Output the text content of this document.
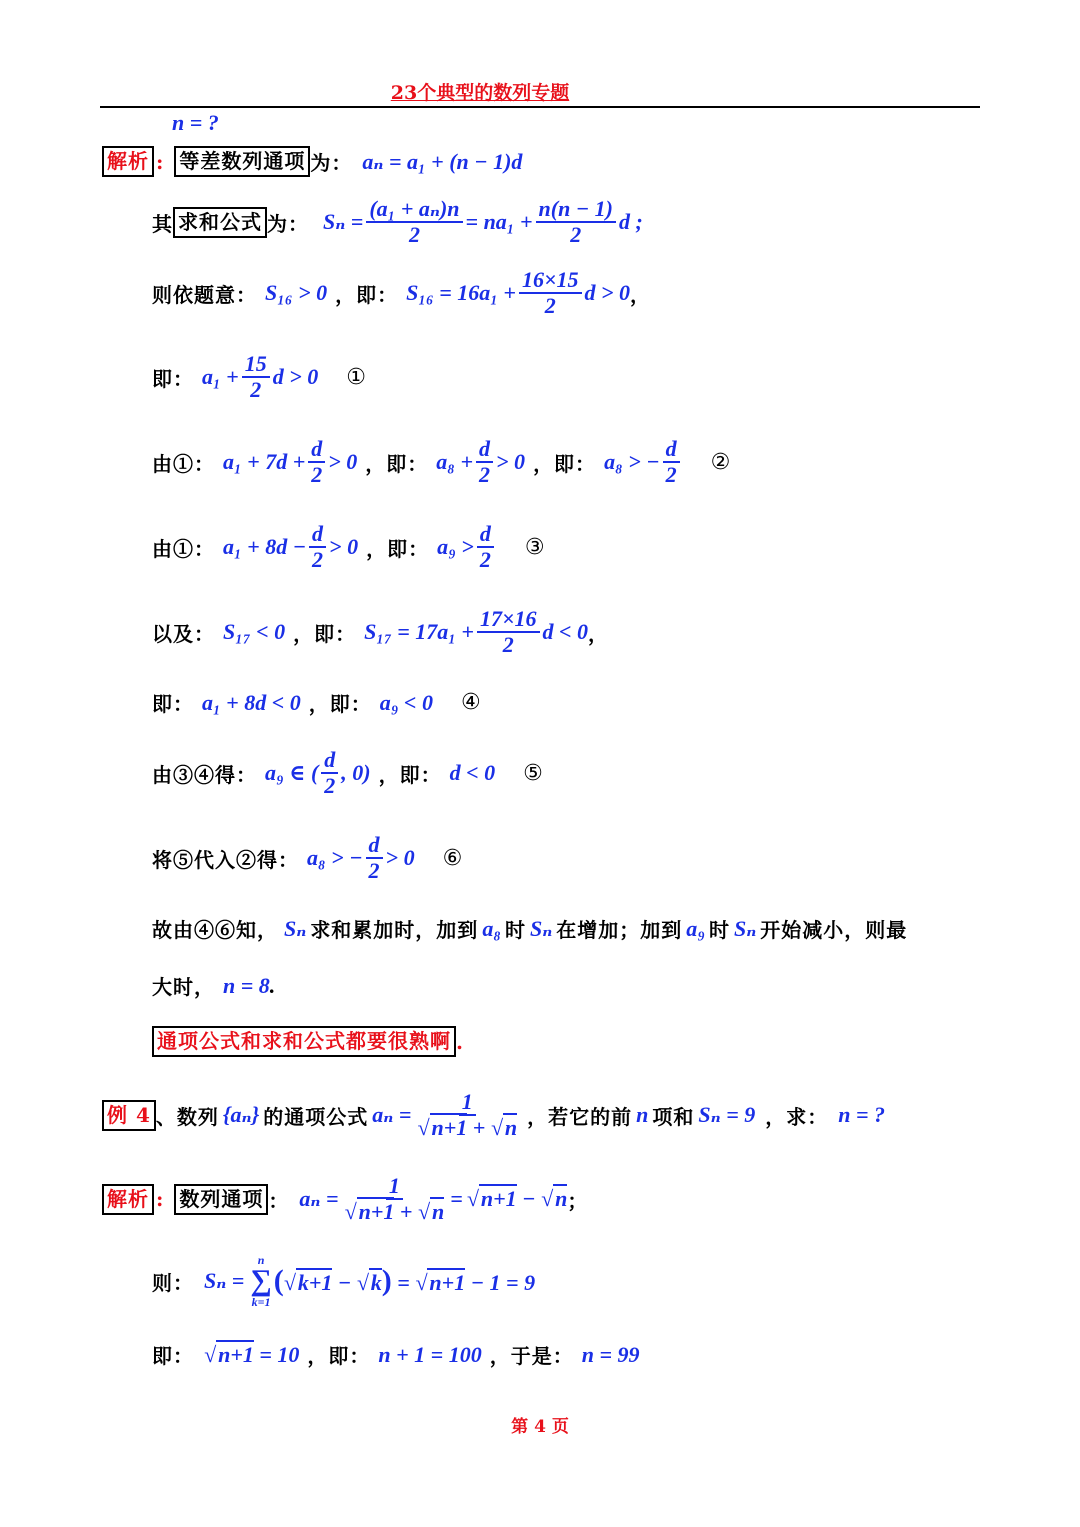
23个典型的数列专题
n = ?
解析 : 等差数列通项 为： aₙ = a₁ + (n − 1)d
其 求和公式 为： $S_n = \frac{\text{(a₁ + aₙ)n}}{2} = na_1 + \frac{n(n - 1)}{2}$ d ;
则依题意： S₁₆ > 0 ，即： $S_{16} = 16a_1 + \frac{16\times 15}{2}$ d > 0 ，
即： $a_1 + \frac{15}{2}$ d > 0 ①
由①： $a_1 + 7d + \frac{d}{2} > 0$ ，即： $a_8 + \frac{d}{2} > 0$ ，即： a₈ > − $\frac{d}{2}$ ②
由①： $a_1 + 8d - \frac{d}{2} > 0$ ，即： $a_9 > \frac{d}{2}$ ③
以及： S₁₇ < 0 ，即： $S_{17} = 17a_1 + \frac{17\times 16}{2}$ d < 0 ，
即： a₁ + 8d < 0 ，即： a₉ < 0 ④
由③④得： a₉ ∈ ( $\frac{d}{2}$ , 0) ，即： d < 0 ⑤
将⑤代入②得： a₈ > − $\frac{d}{2} > 0$ ⑥
故由④⑥知， Sₙ 求和累加时，加到 a₈ 时 Sₙ 在增加；加到 a₉ 时 Sₙ 开始减小，则最
大时， n = 8 .
通项公式和求和公式都要很熟啊 .
例 4 、数列 {aₙ} 的通项公式 $a_n = \frac{1}{√n+1 + √n}$ ，若它的前 n 项和 Sₙ = 9 ，求： n = ?
解析 : 数列通项 ： $a_n = \frac{1}{√n+1 + √n} = √n+1 - √n$ ；
则： Sₙ =
n
∑
k=1
(√k+1 − √k) = √n+1 − 1 = 9
即： √n+1 = 10 ，即： n + 1 = 100 ，于是： n = 99
第 4 页
